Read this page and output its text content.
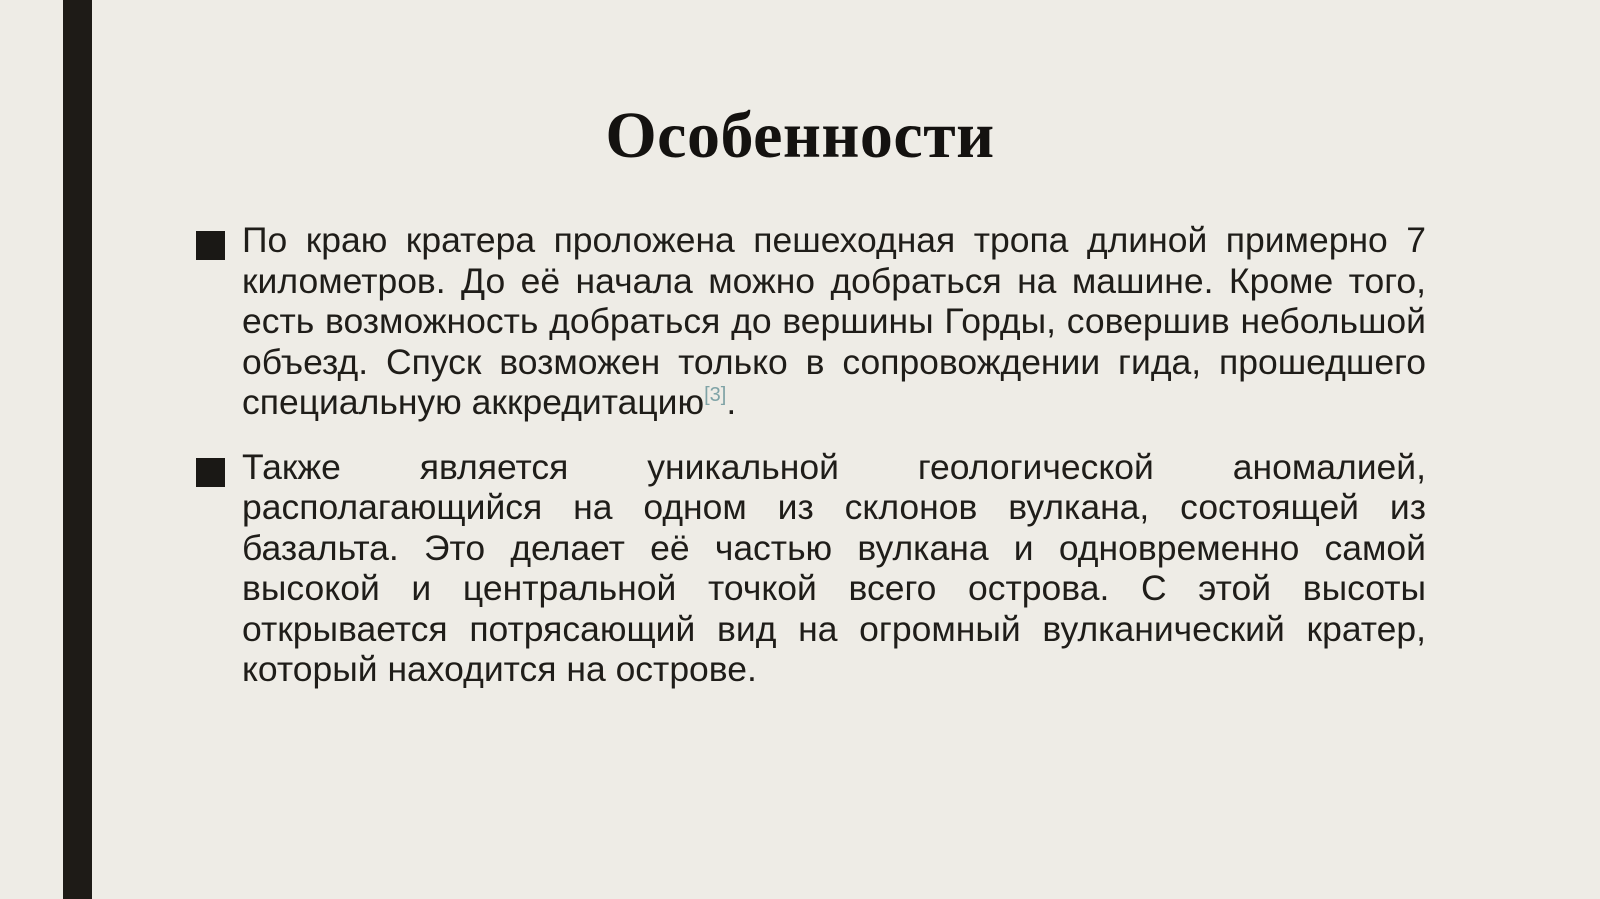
Особенности
По краю кратера проложена пешеходная тропа длиной примерно 7 километров. До её начала можно добраться на машине. Кроме того, есть возможность добраться до вершины Горды, совершив небольшой объезд. Спуск возможен только в сопровождении гида, прошедшего специальную аккредитацию[3].
Также является уникальной геологической аномалией, располагающийся на одном из склонов вулкана, состоящей из базальта. Это делает её частью вулкана и одновременно самой высокой и центральной точкой всего острова. С этой высоты открывается потрясающий вид на огромный вулканический кратер, который находится на острове.
